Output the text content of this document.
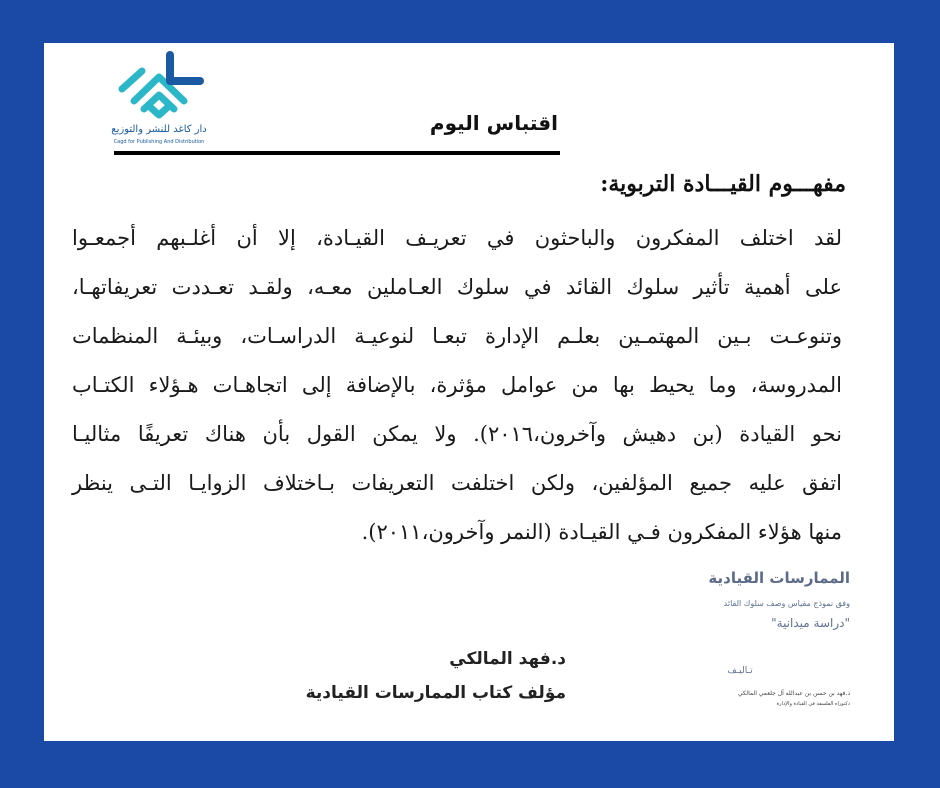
دار كاغد للنشر والتوزيع
Cagd for Publishing And Distribution
اقتباس اليوم
مفهـــوم القيـــادة التربوية:
لقد اختلف المفكرون والباحثون في تعريـف القيـادة، إلا أن أغلـبهم أجمعـوا
على أهمية تأثير سلوك القائد في سلوك العـاملين معـه، ولقـد تعـددت تعريفاتهـا،
وتنوعـت بـين المهتمـين بعلـم الإدارة تبعـا لنوعيـة الدراسـات، وبيئـة المنظمات
المدروسة، وما يحيط بها من عوامل مؤثرة، بالإضافة إلى اتجاهـات هـؤلاء الكتـاب
نحو القيادة (بن دهيش وآخرون،٢٠١٦). ولا يمكن القول بأن هناك تعريفًا مثاليـا
اتفق عليه جميع المؤلفين، ولكن اختلفت التعريفات بـاختلاف الزوايـا التـى ينظر
منها هؤلاء المفكرون فـي القيـادة (النمر وآخرون،٢٠١١).
الممارسات القيادية
وفق نموذج مقياس وصف سلوك القائد
"دراسة ميدانية"
تـاليـف
د.فهد بن حسن بن عبدالله آل جلعمي المالكي
دكتوراه الفلسفة في القيادة والإدارة
د.فهد المالكي
مؤلف كتاب الممارسات القيادية
